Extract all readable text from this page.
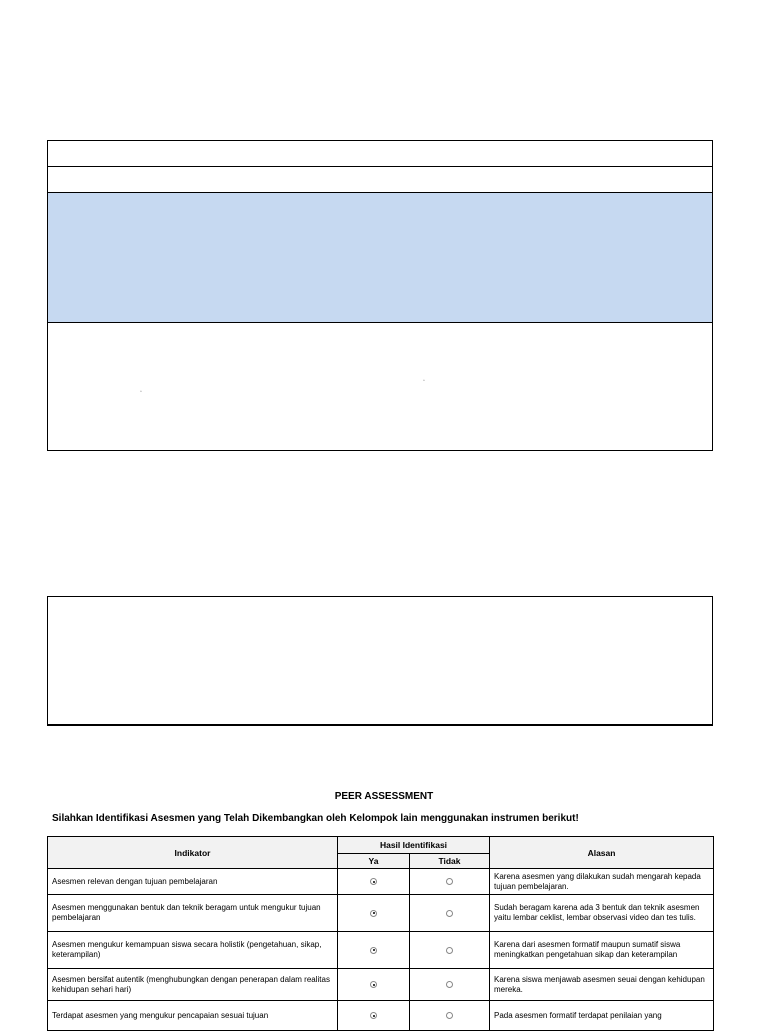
▫
▫
PEER ASSESSMENT
Silahkan Identifikasi Asesmen yang Telah Dikembangkan oleh Kelompok lain menggunakan instrumen berikut!
Indikator	Hasil Identifikasi		Alasan
	Ya	Tidak	
Asesmen relevan dengan tujuan pembelajaran			Karena asesmen yang dilakukan sudah mengarah kepada tujuan pembelajaran.
Asesmen menggunakan bentuk dan teknik beragam untuk mengukur tujuan pembelajaran			Sudah beragam karena ada 3 bentuk dan teknik asesmen yaitu lembar ceklist, lembar observasi video dan tes tulis.
Asesmen mengukur kemampuan siswa secara holistik (pengetahuan, sikap, keterampilan)			Karena dari asesmen formatif maupun sumatif siswa meningkatkan pengetahuan sikap dan keterampilan
Asesmen bersifat autentik (menghubungkan dengan penerapan dalam realitas kehidupan sehari hari)			Karena siswa menjawab asesmen seuai dengan kehidupan mereka.
Terdapat asesmen yang mengukur pencapaian sesuai tujuan			Pada asesmen formatif terdapat penilaian yang
